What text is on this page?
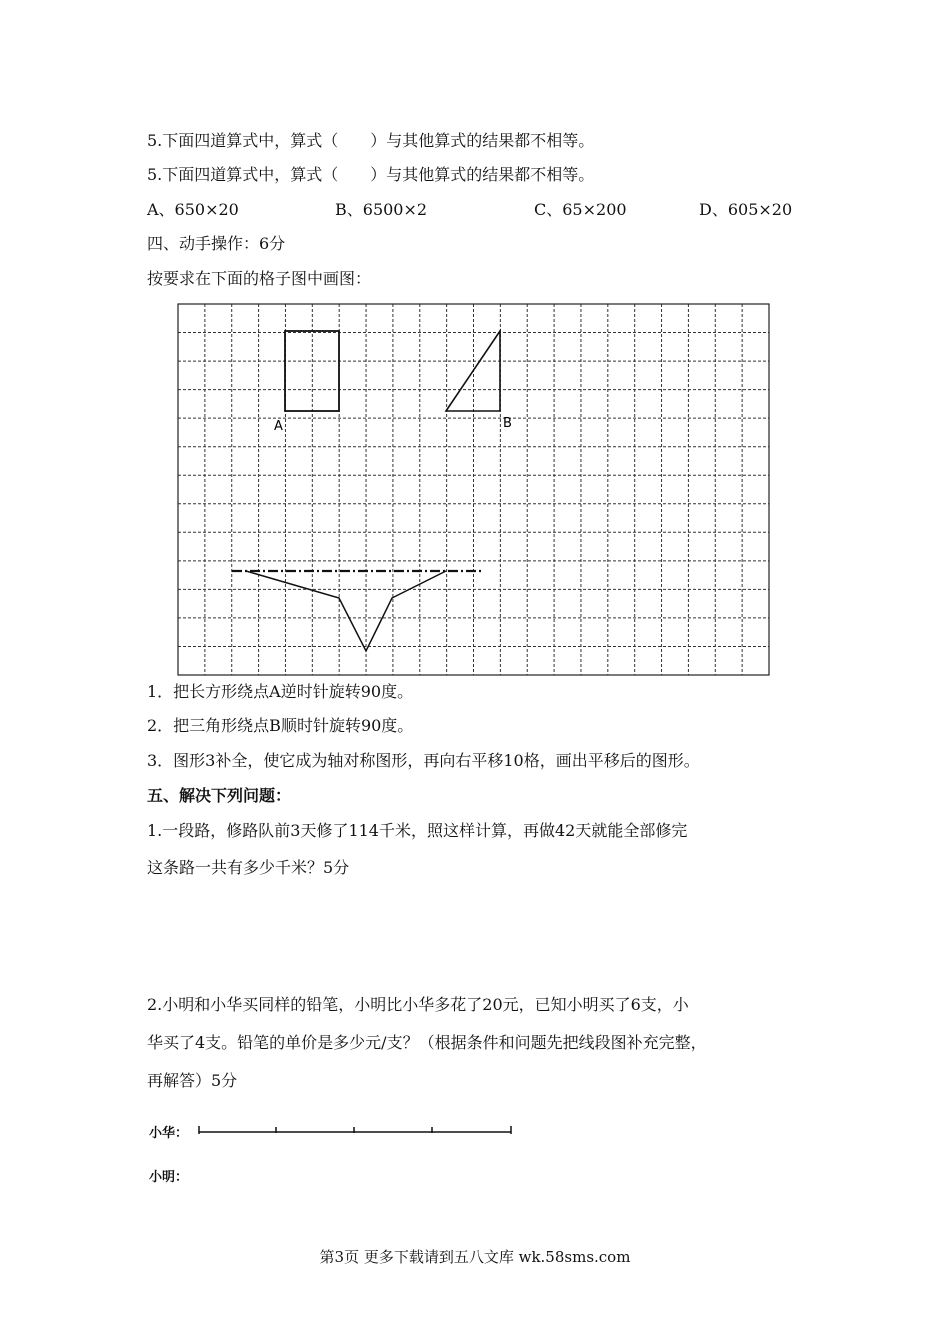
5.下面四道算式中，算式（　　）与其他算式的结果都不相等。
5.下面四道算式中，算式（　　）与其他算式的结果都不相等。
A、650×20	B、6500×2	C、65×200	D、605×20
四、动手操作：6分
按要求在下面的格子图中画图：
A	B
1．把长方形绕点A逆时针旋转90度。
2．把三角形绕点B顺时针旋转90度。
3．图形3补全，使它成为轴对称图形，再向右平移10格，画出平移后的图形。
五、解决下列问题：
1.一段路，修路队前3天修了114千米，照这样计算，再做42天就能全部修完
这条路一共有多少千米？5分
2.小明和小华买同样的铅笔，小明比小华多花了20元，已知小明买了6支，小
华买了4支。铅笔的单价是多少元/支？（根据条件和问题先把线段图补充完整，
再解答）5分
小华：
小明：
第3页 更多下载请到五八文库 wk.58sms.com
